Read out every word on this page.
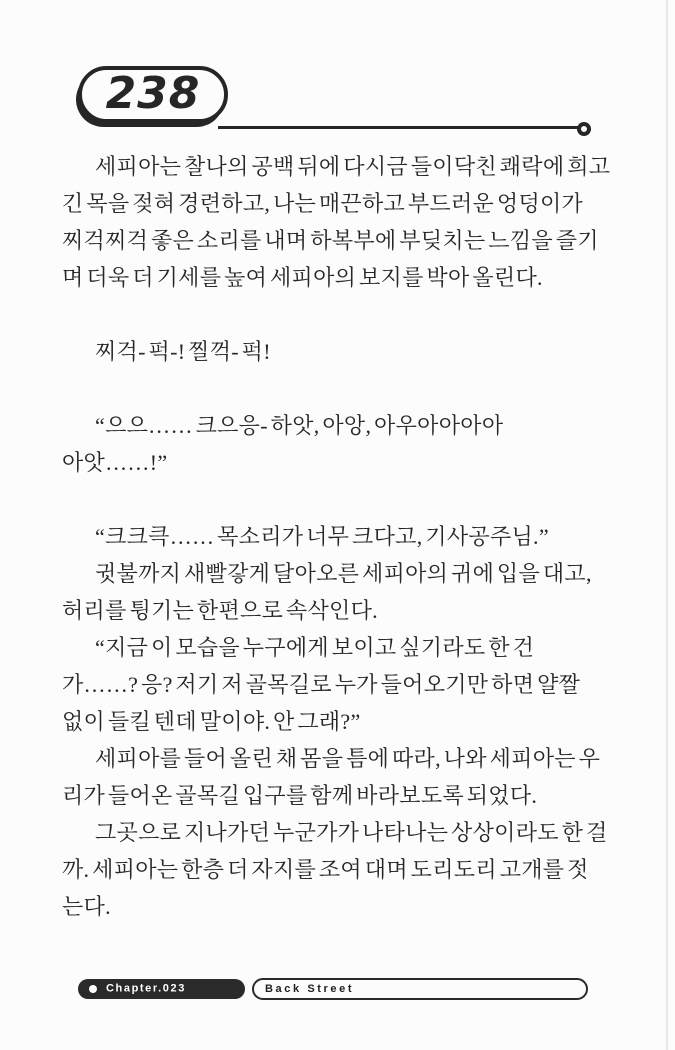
238
세피아는 찰나의 공백 뒤에 다시금 들이닥친 쾌락에 희고
긴 목을 젖혀 경련하고, 나는 매끈하고 부드러운 엉덩이가
찌걱찌걱 좋은 소리를 내며 하복부에 부딪치는 느낌을 즐기
며 더욱 더 기세를 높여 세피아의 보지를 박아 올린다.
찌걱- 퍽-! 찔꺽- 퍽!
“으으…… 크으응- 하앗, 아앙, 아우아아아아
아앗……!”
“크크큭…… 목소리가 너무 크다고, 기사공주님.”
귓불까지 새빨갛게 달아오른 세피아의 귀에 입을 대고,
허리를 튕기는 한편으로 속삭인다.
“지금 이 모습을 누구에게 보이고 싶기라도 한 건
가……? 응? 저기 저 골목길로 누가 들어오기만 하면 얄짤
없이 들킬 텐데 말이야. 안 그래?”
세피아를 들어 올린 채 몸을 틈에 따라, 나와 세피아는 우
리가 들어온 골목길 입구를 함께 바라보도록 되었다.
그곳으로 지나가던 누군가가 나타나는 상상이라도 한 걸
까. 세피아는 한층 더 자지를 조여 대며 도리도리 고개를 젓
는다.
Chapter.023	Back Street
